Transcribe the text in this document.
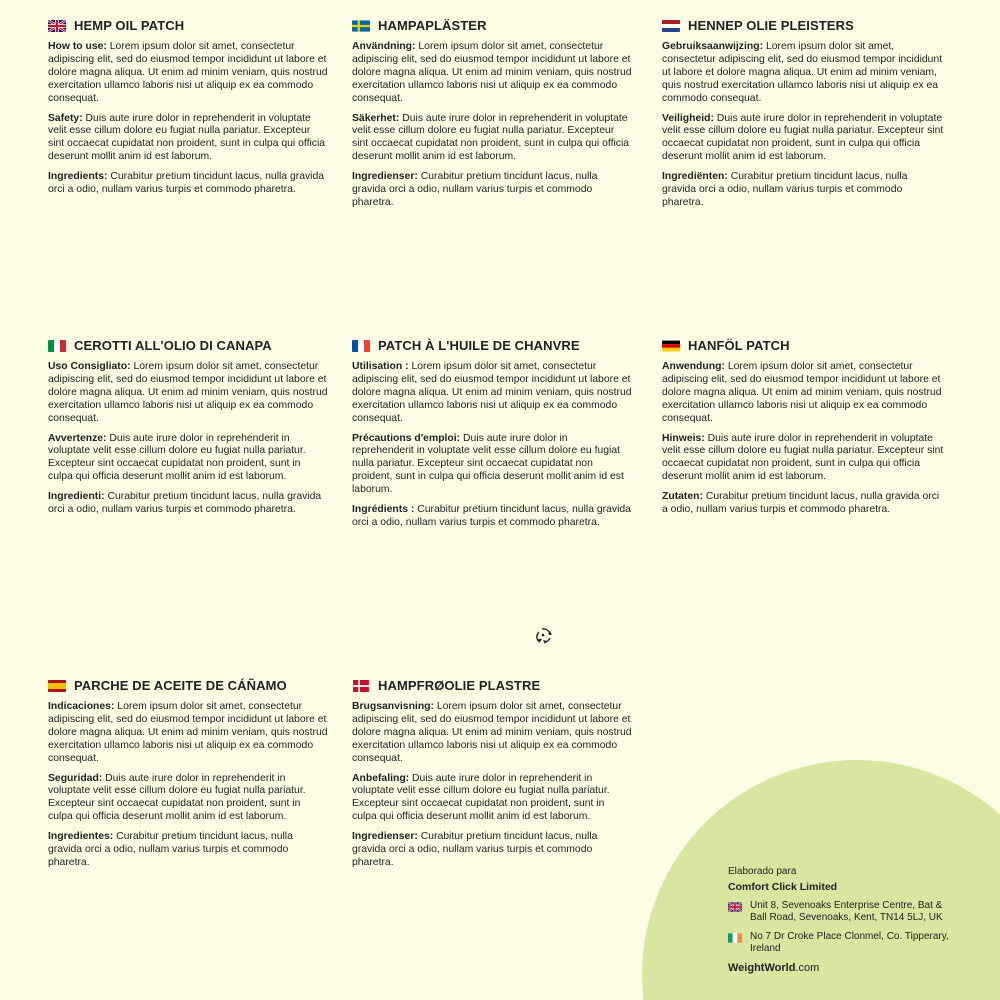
HEMP OIL PATCH

How to use: Lorem ipsum dolor sit amet, consectetur adipiscing elit, sed do eiusmod tempor incididunt ut labore et dolore magna aliqua. Ut enim ad minim veniam, quis nostrud exercitation ullamco laboris nisi ut aliquip ex ea commodo consequat.

Safety: Duis aute irure dolor in reprehenderit in voluptate velit esse cillum dolore eu fugiat nulla pariatur. Excepteur sint occaecat cupidatat non proident, sunt in culpa qui officia deserunt mollit anim id est laborum.

Ingredients: Curabitur pretium tincidunt lacus, nulla gravida orci a odio, nullam varius turpis et commodo pharetra.

HAMPAPLÄSTER

Användning: Lorem ipsum dolor sit amet, consectetur adipiscing elit, sed do eiusmod tempor incididunt ut labore et dolore magna aliqua. Ut enim ad minim veniam, quis nostrud exercitation ullamco laboris nisi ut aliquip ex ea commodo consequat.

Säkerhet: Duis aute irure dolor in reprehenderit in voluptate velit esse cillum dolore eu fugiat nulla pariatur. Excepteur sint occaecat cupidatat non proident, sunt in culpa qui officia deserunt mollit anim id est laborum.

Ingredienser: Curabitur pretium tincidunt lacus, nulla gravida orci a odio, nullam varius turpis et commodo pharetra.

HENNEP OLIE PLEISTERS

Gebruiksaanwijzing: Lorem ipsum dolor sit amet, consectetur adipiscing elit, sed do eiusmod tempor incididunt ut labore et dolore magna aliqua. Ut enim ad minim veniam, quis nostrud exercitation ullamco laboris nisi ut aliquip ex ea commodo consequat.

Veiligheid: Duis aute irure dolor in reprehenderit in voluptate velit esse cillum dolore eu fugiat nulla pariatur. Excepteur sint occaecat cupidatat non proident, sunt in culpa qui officia deserunt mollit anim id est laborum.

Ingrediënten: Curabitur pretium tincidunt lacus, nulla gravida orci a odio, nullam varius turpis et commodo pharetra.

CEROTTI ALL'OLIO DI CANAPA

Uso Consigliato: Lorem ipsum dolor sit amet, consectetur adipiscing elit, sed do eiusmod tempor incididunt ut labore et dolore magna aliqua. Ut enim ad minim veniam, quis nostrud exercitation ullamco laboris nisi ut aliquip ex ea commodo consequat.

Avvertenze: Duis aute irure dolor in reprehenderit in voluptate velit esse cillum dolore eu fugiat nulla pariatur. Excepteur sint occaecat cupidatat non proident, sunt in culpa qui officia deserunt mollit anim id est laborum.

Ingredienti: Curabitur pretium tincidunt lacus, nulla gravida orci a odio, nullam varius turpis et commodo pharetra.

PATCH À L'HUILE DE CHANVRE

Utilisation : Lorem ipsum dolor sit amet, consectetur adipiscing elit, sed do eiusmod tempor incididunt ut labore et dolore magna aliqua. Ut enim ad minim veniam, quis nostrud exercitation ullamco laboris nisi ut aliquip ex ea commodo consequat.

Précautions d'emploi: Duis aute irure dolor in reprehenderit in voluptate velit esse cillum dolore eu fugiat nulla pariatur. Excepteur sint occaecat cupidatat non proident, sunt in culpa qui officia deserunt mollit anim id est laborum.

Ingrédients : Curabitur pretium tincidunt lacus, nulla gravida orci a odio, nullam varius turpis et commodo pharetra.

HANFÖL PATCH

Anwendung: Lorem ipsum dolor sit amet, consectetur adipiscing elit, sed do eiusmod tempor incididunt ut labore et dolore magna aliqua. Ut enim ad minim veniam, quis nostrud exercitation ullamco laboris nisi ut aliquip ex ea commodo consequat.

Hinweis: Duis aute irure dolor in reprehenderit in voluptate velit esse cillum dolore eu fugiat nulla pariatur. Excepteur sint occaecat cupidatat non proident, sunt in culpa qui officia deserunt mollit anim id est laborum.

Zutaten: Curabitur pretium tincidunt lacus, nulla gravida orci a odio, nullam varius turpis et commodo pharetra.

PARCHE DE ACEITE DE CÁÑAMO

Indicaciones: Lorem ipsum dolor sit amet, consectetur adipiscing elit, sed do eiusmod tempor incididunt ut labore et dolore magna aliqua. Ut enim ad minim veniam, quis nostrud exercitation ullamco laboris nisi ut aliquip ex ea commodo consequat.

Seguridad: Duis aute irure dolor in reprehenderit in voluptate velit esse cillum dolore eu fugiat nulla pariatur. Excepteur sint occaecat cupidatat non proident, sunt in culpa qui officia deserunt mollit anim id est laborum.

Ingredientes: Curabitur pretium tincidunt lacus, nulla gravida orci a odio, nullam varius turpis et commodo pharetra.

HAMPFRØOLIE PLASTRE

Brugsanvisning: Lorem ipsum dolor sit amet, consectetur adipiscing elit, sed do eiusmod tempor incididunt ut labore et dolore magna aliqua. Ut enim ad minim veniam, quis nostrud exercitation ullamco laboris nisi ut aliquip ex ea commodo consequat.

Anbefaling: Duis aute irure dolor in reprehenderit in voluptate velit esse cillum dolore eu fugiat nulla pariatur. Excepteur sint occaecat cupidatat non proident, sunt in culpa qui officia deserunt mollit anim id est laborum.

Ingredienser: Curabitur pretium tincidunt lacus, nulla gravida orci a odio, nullam varius turpis et commodo pharetra.

Elaborado para
Comfort Click Limited
Unit 8, Sevenoaks Enterprise Centre, Bat & Ball Road, Sevenoaks, Kent, TN14 5LJ, UK
No 7 Dr Croke Place Clonmel, Co. Tipperary, Ireland
WeightWorld.com
